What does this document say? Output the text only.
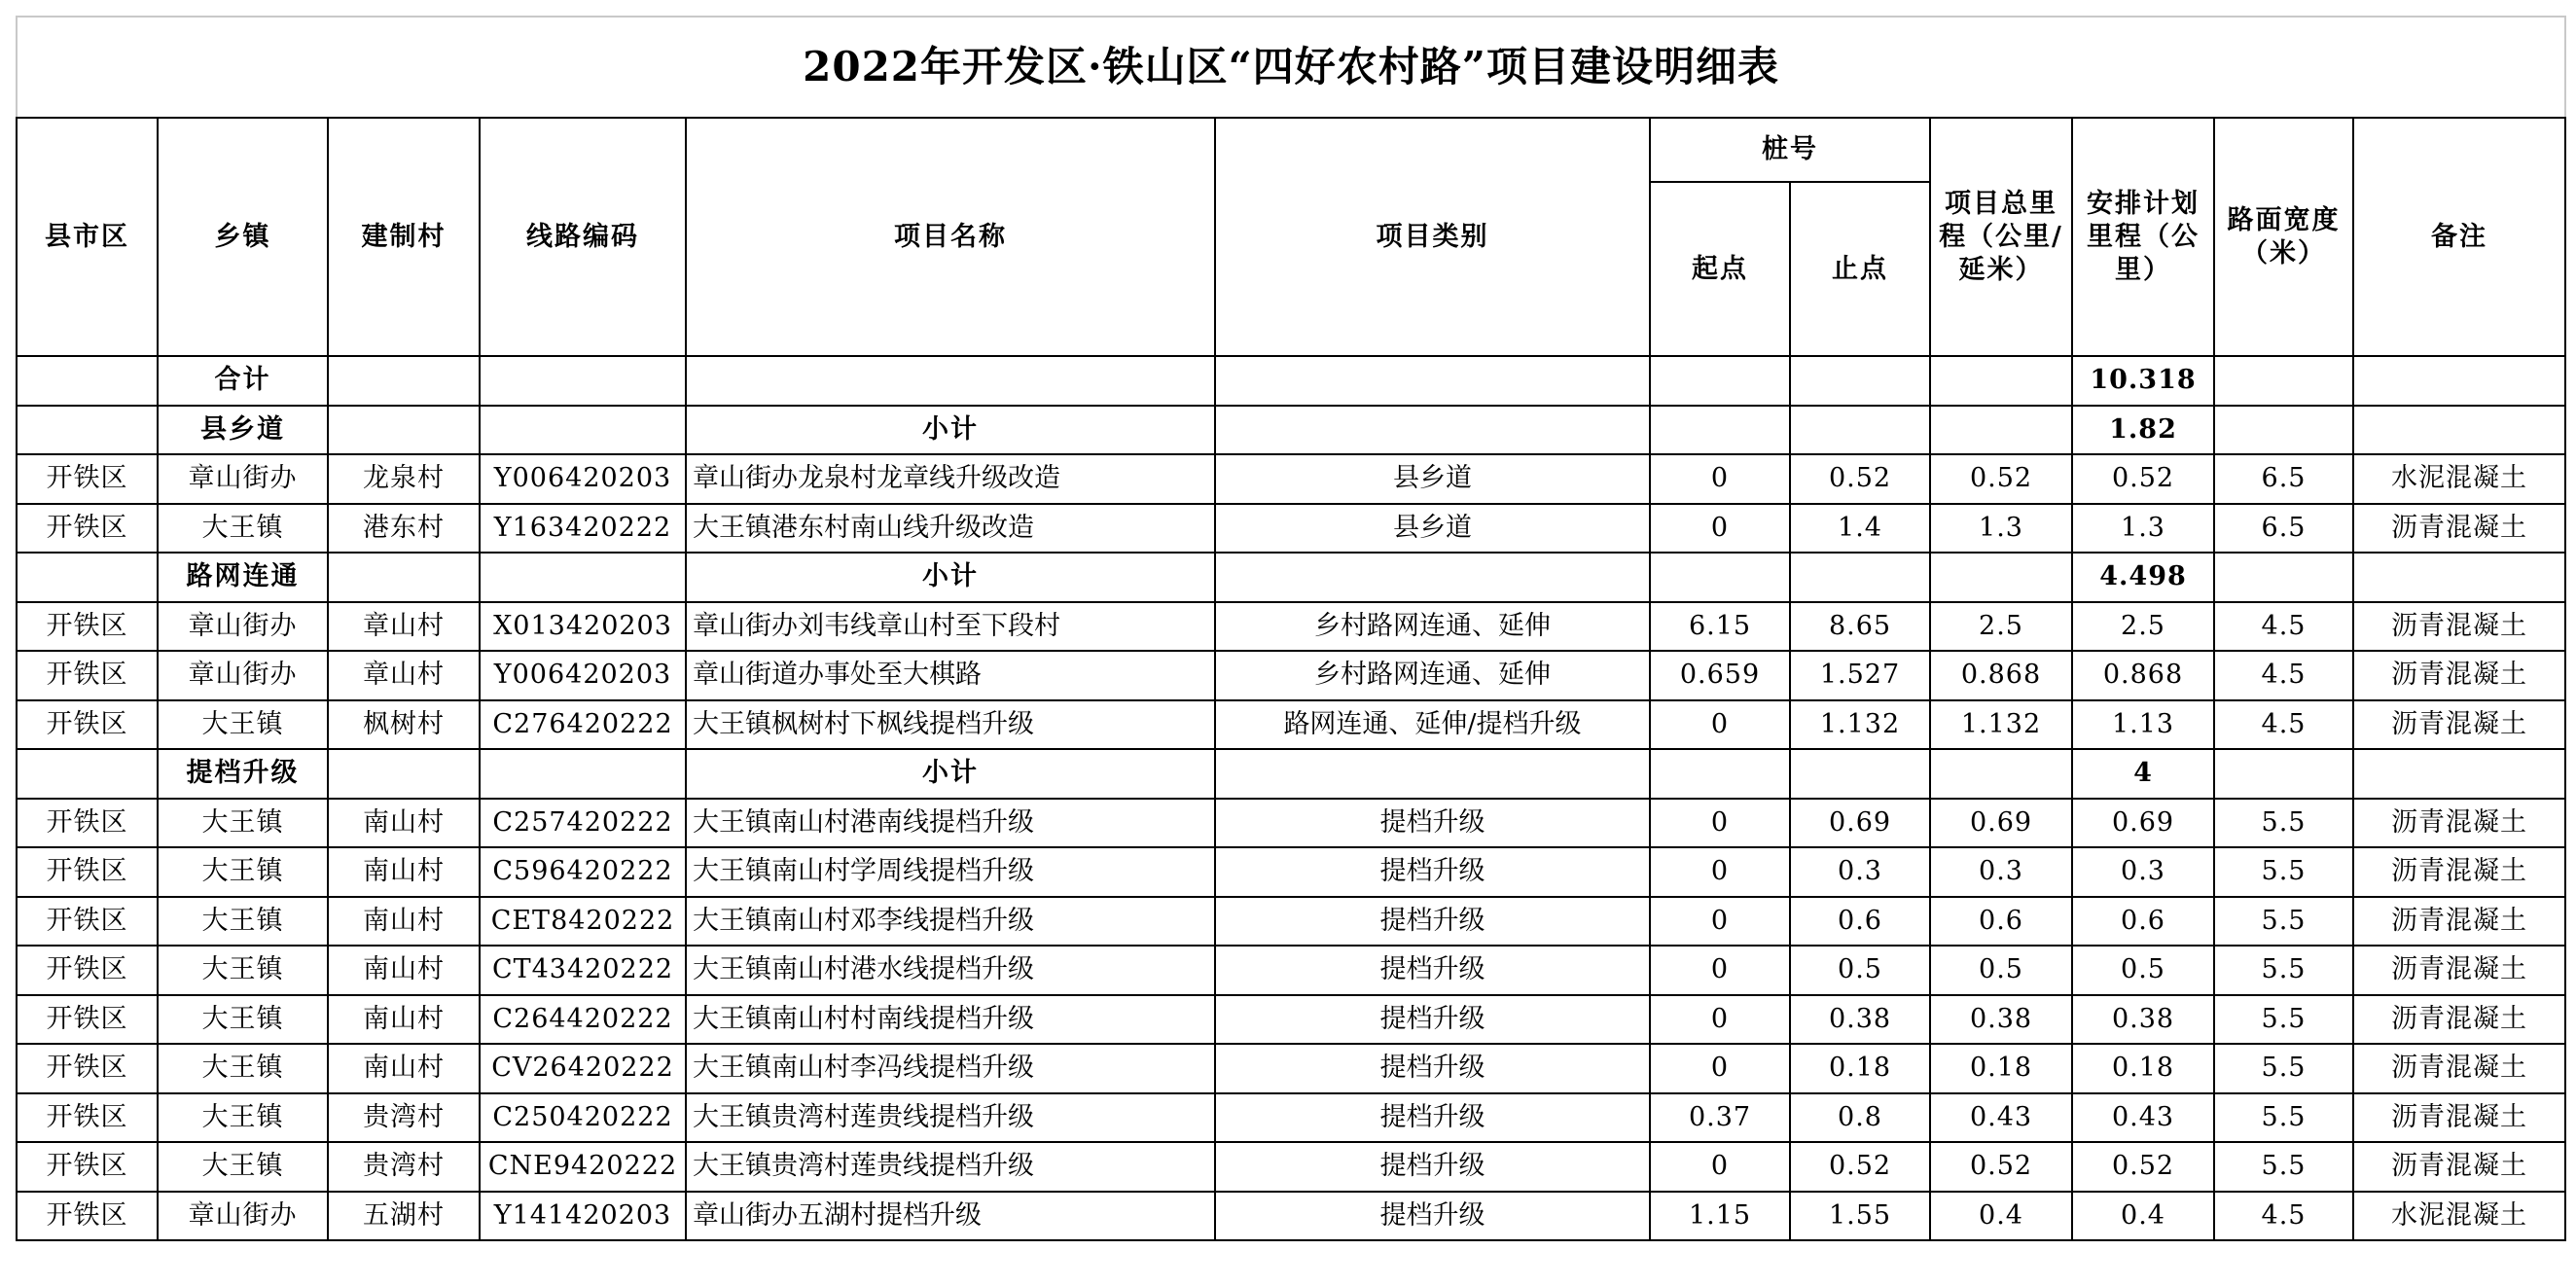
2022年开发区·铁山区“四好农村路”项目建设明细表											
县市区	乡镇	建制村	线路编码	项目名称	项目类别	桩号		项目总里程（公里/延米）	安排计划里程（公里）	路面宽度（米）	备注
						起点	止点				
	合计								10.318		
	县乡道			小计					1.82		
开铁区	章山街办	龙泉村	Y006420203	章山街办龙泉村龙章线升级改造	县乡道	0	0.52	0.52	0.52	6.5	水泥混凝土
开铁区	大王镇	港东村	Y163420222	大王镇港东村南山线升级改造	县乡道	0	1.4	1.3	1.3	6.5	沥青混凝土
	路网连通			小计					4.498		
开铁区	章山街办	章山村	X013420203	章山街办刘韦线章山村至下段村	乡村路网连通、延伸	6.15	8.65	2.5	2.5	4.5	沥青混凝土
开铁区	章山街办	章山村	Y006420203	章山街道办事处至大棋路	乡村路网连通、延伸	0.659	1.527	0.868	0.868	4.5	沥青混凝土
开铁区	大王镇	枫树村	C276420222	大王镇枫树村下枫线提档升级	路网连通、延伸/提档升级	0	1.132	1.132	1.13	4.5	沥青混凝土
	提档升级			小计					4		
开铁区	大王镇	南山村	C257420222	大王镇南山村港南线提档升级	提档升级	0	0.69	0.69	0.69	5.5	沥青混凝土
开铁区	大王镇	南山村	C596420222	大王镇南山村学周线提档升级	提档升级	0	0.3	0.3	0.3	5.5	沥青混凝土
开铁区	大王镇	南山村	CET8420222	大王镇南山村邓李线提档升级	提档升级	0	0.6	0.6	0.6	5.5	沥青混凝土
开铁区	大王镇	南山村	CT43420222	大王镇南山村港水线提档升级	提档升级	0	0.5	0.5	0.5	5.5	沥青混凝土
开铁区	大王镇	南山村	C264420222	大王镇南山村村南线提档升级	提档升级	0	0.38	0.38	0.38	5.5	沥青混凝土
开铁区	大王镇	南山村	CV26420222	大王镇南山村李冯线提档升级	提档升级	0	0.18	0.18	0.18	5.5	沥青混凝土
开铁区	大王镇	贵湾村	C250420222	大王镇贵湾村莲贵线提档升级	提档升级	0.37	0.8	0.43	0.43	5.5	沥青混凝土
开铁区	大王镇	贵湾村	CNE9420222	大王镇贵湾村莲贵线提档升级	提档升级	0	0.52	0.52	0.52	5.5	沥青混凝土
开铁区	章山街办	五湖村	Y141420203	章山街办五湖村提档升级	提档升级	1.15	1.55	0.4	0.4	4.5	水泥混凝土
